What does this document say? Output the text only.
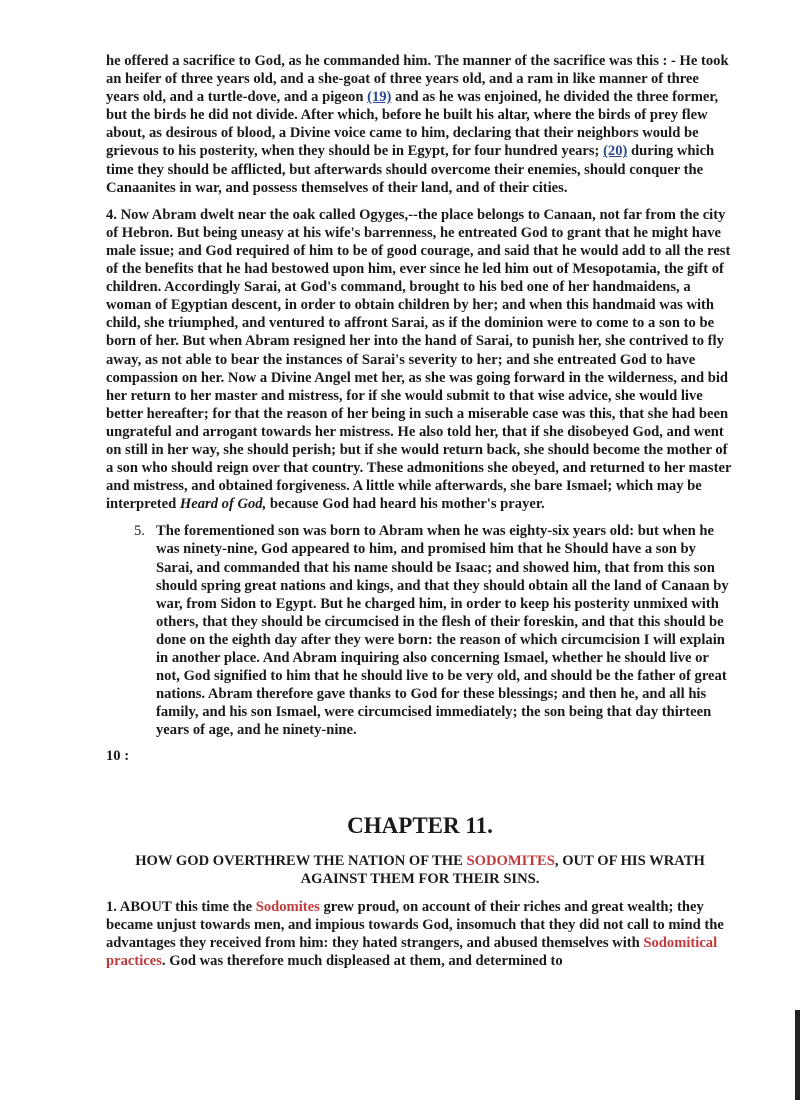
he offered a sacrifice to God, as he commanded him. The manner of the sacrifice was this : - He took an heifer of three years old, and a she-goat of three years old, and a ram in like manner of three years old, and a turtle-dove, and a pigeon (19) and as he was enjoined, he divided the three former, but the birds he did not divide. After which, before he built his altar, where the birds of prey flew about, as desirous of blood, a Divine voice came to him, declaring that their neighbors would be grievous to his posterity, when they should be in Egypt, for four hundred years; (20) during which time they should be afflicted, but afterwards should overcome their enemies, should conquer the Canaanites in war, and possess themselves of their land, and of their cities.

4. Now Abram dwelt near the oak called Ogyges,--the place belongs to Canaan, not far from the city of Hebron. But being uneasy at his wife's barrenness, he entreated God to grant that he might have male issue; and God required of him to be of good courage, and said that he would add to all the rest of the benefits that he had bestowed upon him, ever since he led him out of Mesopotamia, the gift of children. Accordingly Sarai, at God's command, brought to his bed one of her handmaidens, a woman of Egyptian descent, in order to obtain children by her; and when this handmaid was with child, she triumphed, and ventured to affront Sarai, as if the dominion were to come to a son to be born of her. But when Abram resigned her into the hand of Sarai, to punish her, she contrived to fly away, as not able to bear the instances of Sarai's severity to her; and she entreated God to have compassion on her. Now a Divine Angel met her, as she was going forward in the wilderness, and bid her return to her master and mistress, for if she would submit to that wise advice, she would live better hereafter; for that the reason of her being in such a miserable case was this, that she had been ungrateful and arrogant towards her mistress. He also told her, that if she disobeyed God, and went on still in her way, she should perish; but if she would return back, she should become the mother of a son who should reign over that country. These admonitions she obeyed, and returned to her master and mistress, and obtained forgiveness. A little while afterwards, she bare Ismael; which may be interpreted Heard of God, because God had heard his mother's prayer.

5. The forementioned son was born to Abram when he was eighty-six years old: but when he was ninety-nine, God appeared to him, and promised him that he Should have a son by Sarai, and commanded that his name should be Isaac; and showed him, that from this son should spring great nations and kings, and that they should obtain all the land of Canaan by war, from Sidon to Egypt. But he charged him, in order to keep his posterity unmixed with others, that they should be circumcised in the flesh of their foreskin, and that this should be done on the eighth day after they were born: the reason of which circumcision I will explain in another place. And Abram inquiring also concerning Ismael, whether he should live or not, God signified to him that he should live to be very old, and should be the father of great nations. Abram therefore gave thanks to God for these blessings; and then he, and all his family, and his son Ismael, were circumcised immediately; the son being that day thirteen years of age, and he ninety-nine.

10 :

CHAPTER 11.

HOW GOD OVERTHREW THE NATION OF THE SODOMITES, OUT OF HIS WRATH AGAINST THEM FOR THEIR SINS.

1. ABOUT this time the Sodomites grew proud, on account of their riches and great wealth; they became unjust towards men, and impious towards God, insomuch that they did not call to mind the advantages they received from him: they hated strangers, and abused themselves with Sodomitical practices. God was therefore much displeased at them, and determined to
